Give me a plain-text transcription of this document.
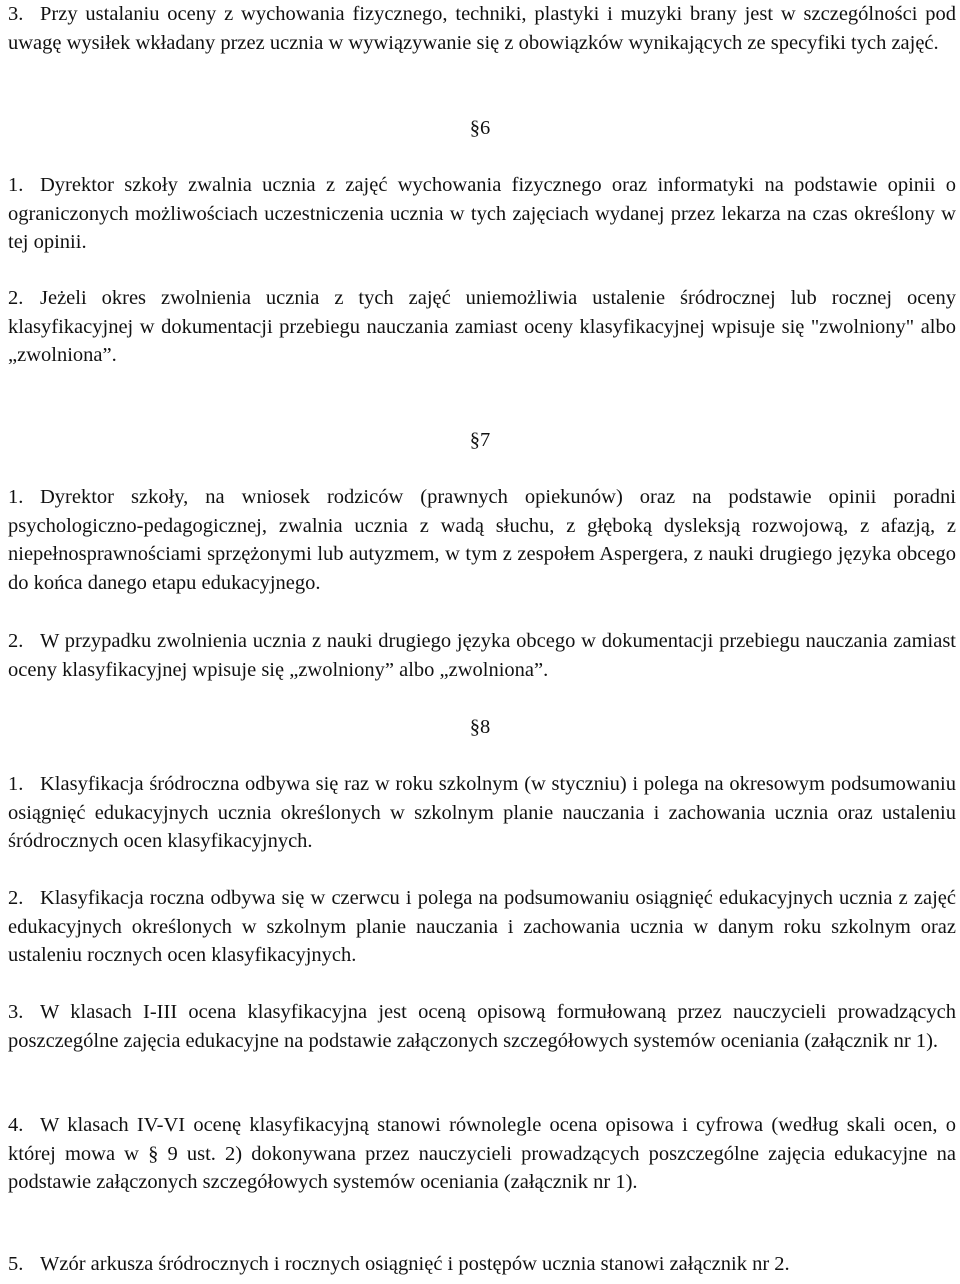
3. Przy ustalaniu oceny z wychowania fizycznego, techniki, plastyki i muzyki brany jest w szczególności pod uwagę wysiłek wkładany przez ucznia w wywiązywanie się z obowiązków wynikających ze specyfiki tych zajęć.
§6
1. Dyrektor szkoły zwalnia ucznia z zajęć wychowania fizycznego oraz informatyki na podstawie opinii o ograniczonych możliwościach uczestniczenia ucznia w tych zajęciach wydanej przez lekarza na czas określony w tej opinii.
2. Jeżeli okres zwolnienia ucznia z tych zajęć uniemożliwia ustalenie śródrocznej lub rocznej oceny klasyfikacyjnej w dokumentacji przebiegu nauczania zamiast oceny klasyfikacyjnej wpisuje się "zwolniony" albo „zwolniona”.
§7
1. Dyrektor szkoły, na wniosek rodziców (prawnych opiekunów) oraz na podstawie opinii poradni psychologiczno-pedagogicznej, zwalnia ucznia z wadą słuchu, z głęboką dysleksją rozwojową, z afazją, z niepełnosprawnościami sprzężonymi lub autyzmem, w tym z zespołem Aspergera, z nauki drugiego języka obcego do końca danego etapu edukacyjnego.
2. W przypadku zwolnienia ucznia z nauki drugiego języka obcego w dokumentacji przebiegu nauczania zamiast oceny klasyfikacyjnej wpisuje się „zwolniony” albo „zwolniona”.
§8
1. Klasyfikacja śródroczna odbywa się raz w roku szkolnym (w styczniu) i polega na okresowym podsumowaniu osiągnięć edukacyjnych ucznia określonych w szkolnym planie nauczania i zachowania ucznia oraz ustaleniu śródrocznych ocen klasyfikacyjnych.
2. Klasyfikacja roczna odbywa się w czerwcu i polega na podsumowaniu osiągnięć edukacyjnych ucznia z zajęć edukacyjnych określonych w szkolnym planie nauczania i zachowania ucznia w danym roku szkolnym oraz ustaleniu rocznych ocen klasyfikacyjnych.
3. W klasach I-III ocena klasyfikacyjna jest oceną opisową formułowaną przez nauczycieli prowadzących poszczególne zajęcia edukacyjne na podstawie załączonych szczegółowych systemów oceniania (załącznik nr 1).
4. W klasach IV-VI ocenę klasyfikacyjną stanowi równolegle ocena opisowa i cyfrowa (według skali ocen, o której mowa w § 9 ust. 2) dokonywana przez nauczycieli prowadzących poszczególne zajęcia edukacyjne na podstawie załączonych szczegółowych systemów oceniania (załącznik nr 1).
5. Wzór arkusza śródrocznych i rocznych osiągnięć i postępów ucznia stanowi załącznik nr 2.
